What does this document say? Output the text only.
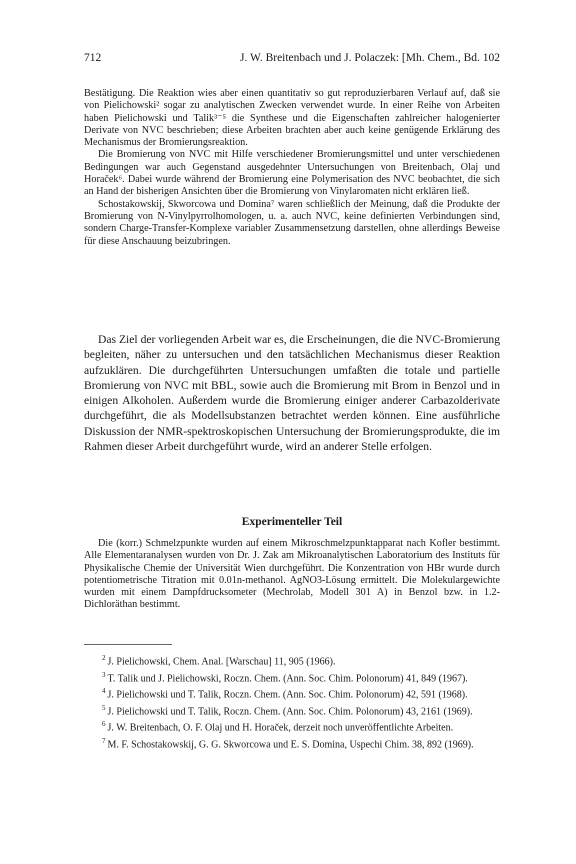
712	J. W. Breitenbach und J. Polaczek: [Mh. Chem., Bd. 102

Bestätigung. Die Reaktion wies aber einen quantitativ so gut reproduzierbaren Verlauf auf, daß sie von Pielichowski² sogar zu analytischen Zwecken verwendet wurde. In einer Reihe von Arbeiten haben Pielichowski und Talik³⁻⁵ die Synthese und die Eigenschaften zahlreicher halogenierter Derivate von NVC beschrieben; diese Arbeiten brachten aber auch keine genügende Erklärung des Mechanismus der Bromierungsreaktion.

Die Bromierung von NVC mit Hilfe verschiedener Bromierungsmittel und unter verschiedenen Bedingungen war auch Gegenstand ausgedehnter Untersuchungen von Breitenbach, Olaj und Horaček⁶. Dabei wurde während der Bromierung eine Polymerisation des NVC beobachtet, die sich an Hand der bisherigen Ansichten über die Bromierung von Vinylaromaten nicht erklären ließ.

Schostakowskij, Skworcowa und Domina⁷ waren schließlich der Meinung, daß die Produkte der Bromierung von N-Vinylpyrrolhomologen, u. a. auch NVC, keine definierten Verbindungen sind, sondern Charge-Transfer-Komplexe variabler Zusammensetzung darstellen, ohne allerdings Beweise für diese Anschauung beizubringen.

Das Ziel der vorliegenden Arbeit war es, die Erscheinungen, die die NVC-Bromierung begleiten, näher zu untersuchen und den tatsächlichen Mechanismus dieser Reaktion aufzuklären. Die durchgeführten Untersuchungen umfaßten die totale und partielle Bromierung von NVC mit BBL, sowie auch die Bromierung mit Brom in Benzol und in einigen Alkoholen. Außerdem wurde die Bromierung einiger anderer Carbazolderivate durchgeführt, die als Modellsubstanzen betrachtet werden können. Eine ausführliche Diskussion der NMR-spektroskopischen Untersuchung der Bromierungsprodukte, die im Rahmen dieser Arbeit durchgeführt wurde, wird an anderer Stelle erfolgen.

Experimenteller Teil

Die (korr.) Schmelzpunkte wurden auf einem Mikroschmelzpunktapparat nach Kofler bestimmt. Alle Elementaranalysen wurden von Dr. J. Zak am Mikroanalytischen Laboratorium des Instituts für Physikalische Chemie der Universität Wien durchgeführt. Die Konzentration von HBr wurde durch potentiometrische Titration mit 0.01n-methanol. AgNO3-Lösung ermittelt. Die Molekulargewichte wurden mit einem Dampfdrucksometer (Mechrolab, Modell 301 A) in Benzol bzw. in 1.2-Dichloräthan bestimmt.

$^2$ J. Pielichowski, Chem. Anal. [Warschau] 11, 905 (1966).

$^3$ T. Talik und J. Pielichowski, Roczn. Chem. (Ann. Soc. Chim. Polonorum) 41, 849 (1967).

$^4$ J. Pielichowski und T. Talik, Roczn. Chem. (Ann. Soc. Chim. Polonorum) 42, 591 (1968).

$^5$ J. Pielichowski und T. Talik, Roczn. Chem. (Ann. Soc. Chim. Polonorum) 43, 2161 (1969).

$^6$ J. W. Breitenbach, O. F. Olaj und H. Horaček, derzeit noch unveröffentlichte Arbeiten.

$^7$ M. F. Schostakowskij, G. G. Skworcowa und E. S. Domina, Uspechi Chim. 38, 892 (1969).
